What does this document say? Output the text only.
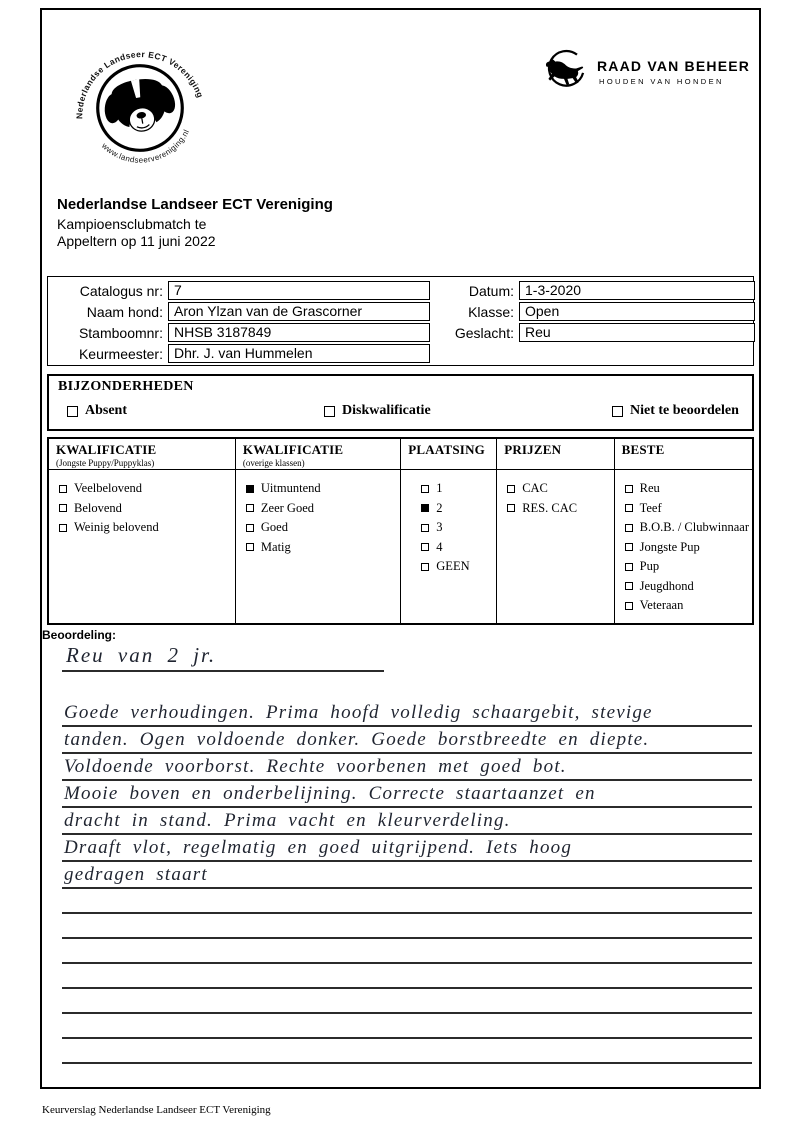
Nederlandse Landseer ECT Vereniging
www.landseervereniging.nl
RAAD VAN BEHEER
HOUDEN VAN HONDEN
Nederlandse Landseer ECT Vereniging
Kampioensclubmatch te
Appeltern op 11 juni 2022
Catalogus nr: 7
Naam hond: Aron Ylzan van de Grascorner
Stamboomnr: NHSB 3187849
Keurmeester: Dhr. J. van Hummelen
Datum: 1-3-2020
Klasse: Open
Geslacht: Reu
BIJZONDERHEDEN
Absent	Diskwalificatie	Niet te beoordelen
KWALIFICATIE
(Jongste Puppy/Puppyklas)
Veelbelovend
Belovend
Weinig belovend
KWALIFICATIE
(overige klassen)
Uitmuntend
Zeer Goed
Goed
Matig
PLAATSING
1
2
3
4
GEEN
PRIJZEN
CAC
RES. CAC
BESTE
Reu
Teef
B.O.B. / Clubwinnaar
Jongste Pup
Pup
Jeugdhond
Veteraan
Beoordeling:
Reu van 2 jr.
Goede verhoudingen. Prima hoofd volledig schaargebit, stevige
tanden. Ogen voldoende donker. Goede borstbreedte en diepte.
Voldoende voorborst. Rechte voorbenen met goed bot.
Mooie boven en onderbelijning. Correcte staartaanzet en
dracht in stand. Prima vacht en kleurverdeling.
Draaft vlot, regelmatig en goed uitgrijpend. Iets hoog
gedragen staart
Keurverslag Nederlandse Landseer ECT Vereniging
